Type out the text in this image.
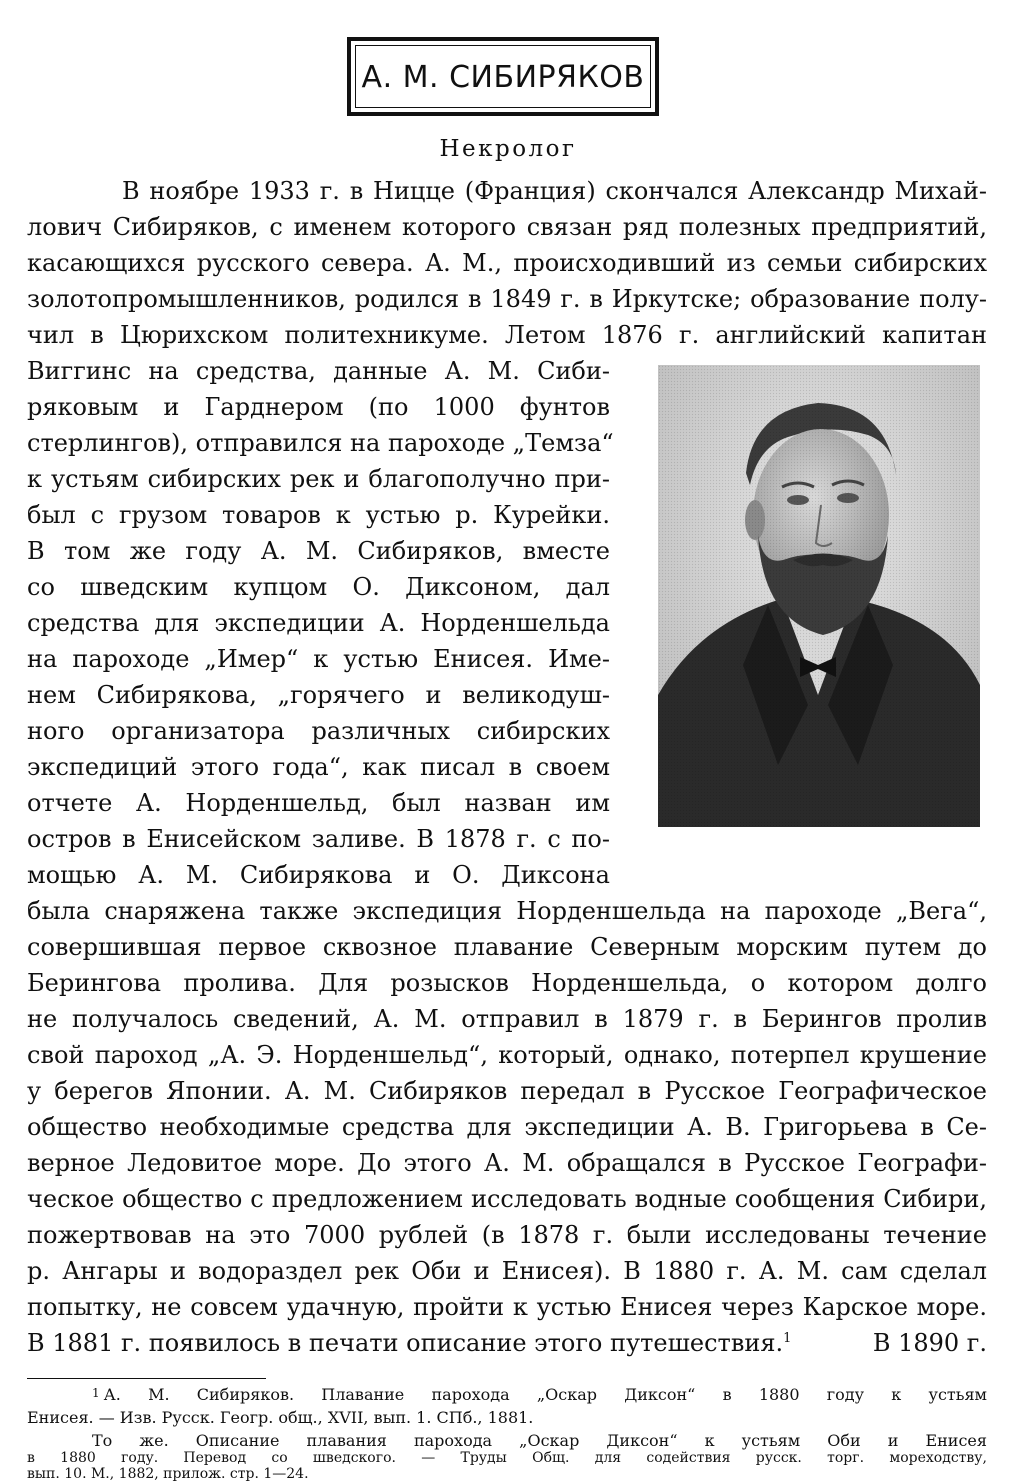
А. М. СИБИРЯКОВ
Некролог
В ноябре 1933 г. в Ницце (Франция) скончался Александр Михай-
лович Сибиряков, с именем которого связан ряд полезных предприятий,
касающихся русского севера. А. М., происходивший из семьи сибирских
золотопромышленников, родился в 1849 г. в Иркутске; образование полу-
чил в Цюрихском политехникуме. Летом 1876 г. английский капитан
Виггинс на средства, данные А. М. Сиби-
ряковым и Гарднером (по 1000 фунтов
стерлингов), отправился на пароходе „Темза“
к устьям сибирских рек и благополучно при-
был с грузом товаров к устью р. Курейки.
В том же году А. М. Сибиряков, вместе
со шведским купцом О. Диксоном, дал
средства для экспедиции А. Норденшельда
на пароходе „Имер“ к устью Енисея. Име-
нем Сибирякова, „горячего и великодуш-
ного организатора различных сибирских
экспедиций этого года“, как писал в своем
отчете А. Норденшельд, был назван им
остров в Енисейском заливе. В 1878 г. с по-
мощью А. М. Сибирякова и О. Диксона
была снаряжена также экспедиция Норденшельда на пароходе „Вега“,
совершившая первое сквозное плавание Северным морским путем до
Берингова пролива. Для розысков Норденшельда, о котором долго
не получалось сведений, А. М. отправил в 1879 г. в Берингов пролив
свой пароход „А. Э. Норденшельд“, который, однако, потерпел крушение
у берегов Японии. А. М. Сибиряков передал в Русское Географическое
общество необходимые средства для экспедиции А. В. Григорьева в Се-
верное Ледовитое море. До этого А. М. обращался в Русское Географи-
ческое общество с предложением исследовать водные сообщения Сибири,
пожертвовав на это 7000 рублей (в 1878 г. были исследованы течение
р. Ангары и водораздел рек Оби и Енисея). В 1880 г. А. М. сам сделал
попытку, не совсем удачную, пройти к устью Енисея через Карское море.
В 1881 г. появилось в печати описание этого путешествия.$^1$	В 1890 г.
1 А. М. Сибиряков. Плавание парохода „Оскар Диксон“ в 1880 году к устьям
Енисея. — Изв. Русск. Геогр. общ., XVII, вып. 1. СПб., 1881.
То же. Описание плавания парохода „Оскар Диксон“ к устьям Оби и Енисея
в 1880 году. Перевод со шведского. — Труды Общ. для содействия русск. торг. мореходству,
вып. 10. М., 1882, прилож. стр. 1—24.
